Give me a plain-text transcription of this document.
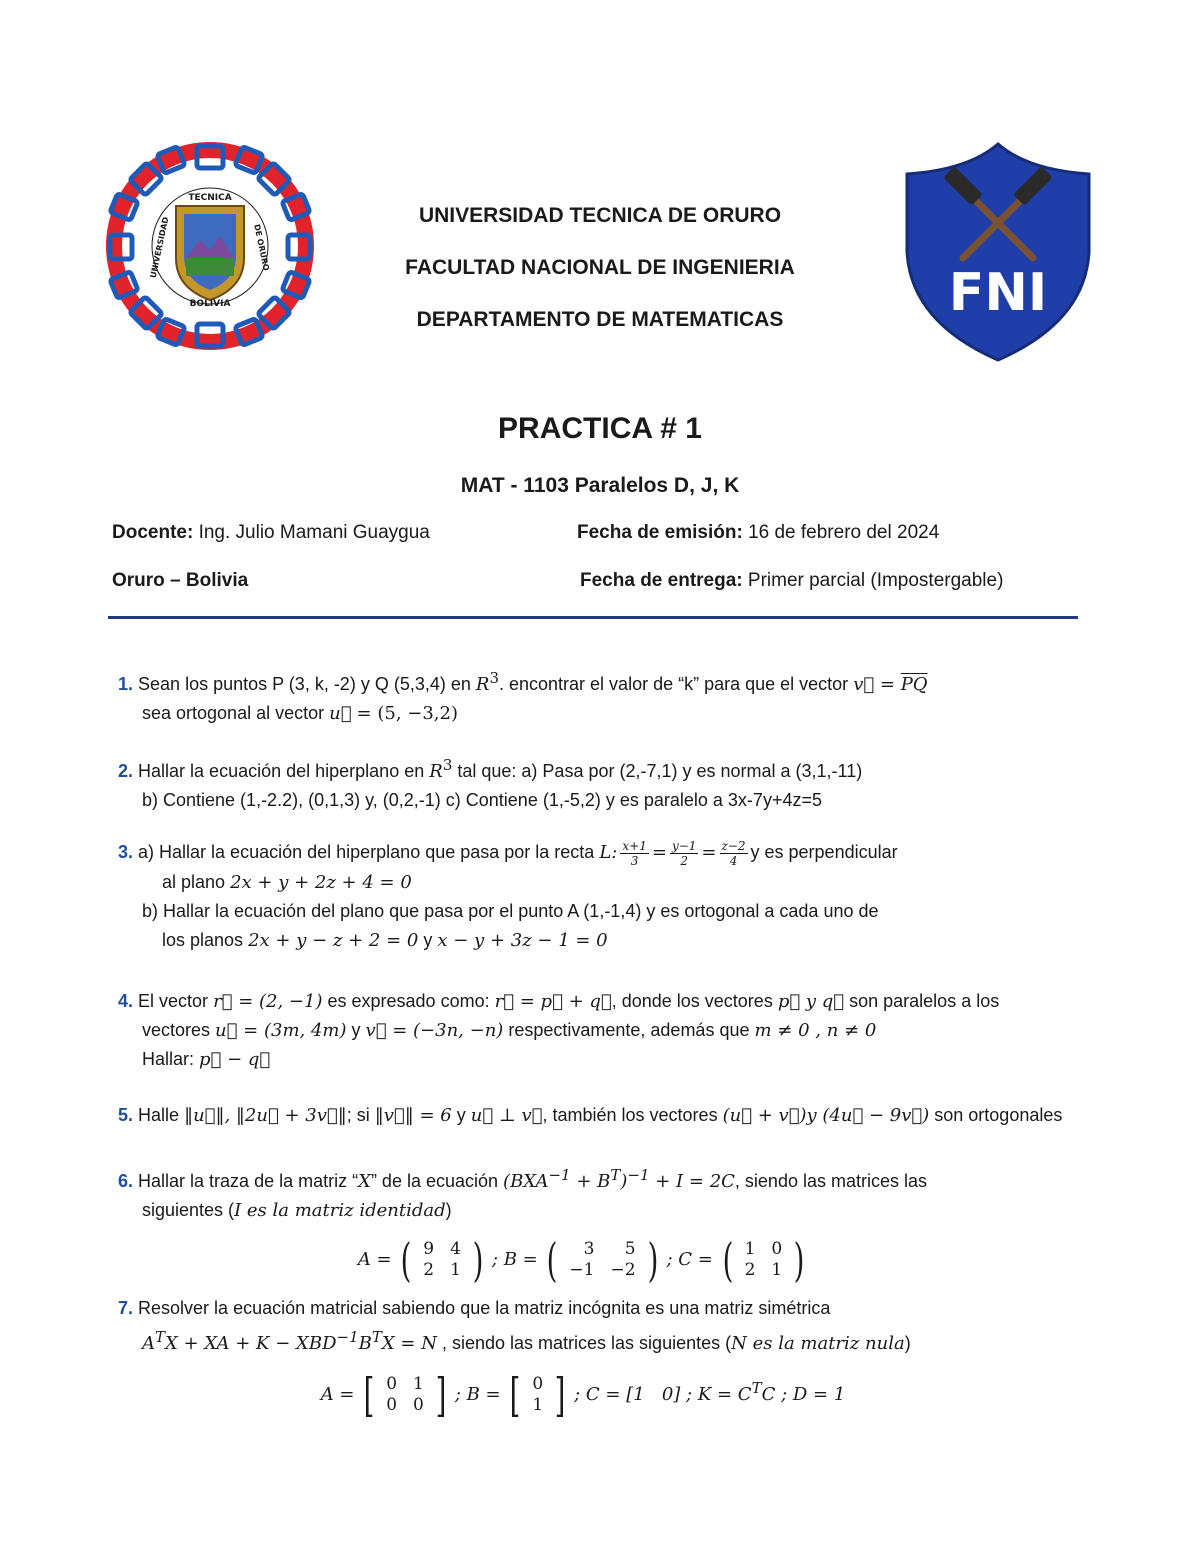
TECNICA
BOLIVIA
UNIVERSIDAD	DE ORURO
FNI
UNIVERSIDAD TECNICA DE ORURO
FACULTAD NACIONAL DE INGENIERIA
DEPARTAMENTO DE MATEMATICAS
PRACTICA # 1
MAT - 1103 Paralelos D, J, K
Docente: Ing. Julio Mamani Guaygua	Fecha de emisión: 16 de febrero del 2024
Oruro – Bolivia	Fecha de entrega: Primer parcial (Impostergable)
1. Sean los puntos P (3, k, -2) y Q (5,3,4) en $R^3$. encontrar el valor de “k” para que el vector v⃗ = $\overline{PQ}$
sea ortogonal al vector u⃗ = (5, −3,2)
2. Hallar la ecuación del hiperplano en $R^3$ tal que: a) Pasa por (2,-7,1) y es normal a (3,1,-11)
b) Contiene (1,-2.2), (0,1,3) y, (0,2,-1) c) Contiene (1,-5,2) y es paralelo a 3x-7y+4z=5
3. a) Hallar la ecuación del hiperplano que pasa por la recta L: $\frac{x+1}{3} = \frac{y-1}{2} = \frac{z-2}{4}$ y es perpendicular
al plano 2x + y + 2z + 4 = 0
b) Hallar la ecuación del plano que pasa por el punto A (1,-1,4) y es ortogonal a cada uno de
los planos 2x + y − z + 2 = 0 y x − y + 3z − 1 = 0
4. El vector r⃗ = (2, −1) es expresado como: r⃗ = p⃗ + q⃗, donde los vectores p⃗ y q⃗ son paralelos a los
vectores u⃗ = (3m, 4m) y v⃗ = (−3n, −n) respectivamente, además que m ≠ 0 , n ≠ 0
Hallar: p⃗ − q⃗
5. Halle ‖u⃗‖, ‖2u⃗ + 3v⃗‖; si ‖v⃗‖ = 6 y u⃗ ⊥ v⃗, también los vectores (u⃗ + v⃗)y (4u⃗ − 9v⃗) son ortogonales
6. Hallar la traza de la matriz “X” de la ecuación $(BXA^{-1} + B^T)^{-1} + I = 2C$, siendo las matrices las
siguientes (I es la matriz identidad)
A = ( 9	4
2	1 ) ; B = ( 3	5
−1	−2 ) ; C = ( 1	0
2	1 )
7. Resolver la ecuación matricial sabiendo que la matriz incógnita es una matriz simétrica
$A^TX$ + XA + $K - XBD^{-1}B^TX = N$ , siendo las matrices las siguientes (N es la matriz nula)
A = [ 0	1
0	0 ] ; B = [ 0
1 ] ; C = [1   0] ; $K = C^TC$ ; D = 1
